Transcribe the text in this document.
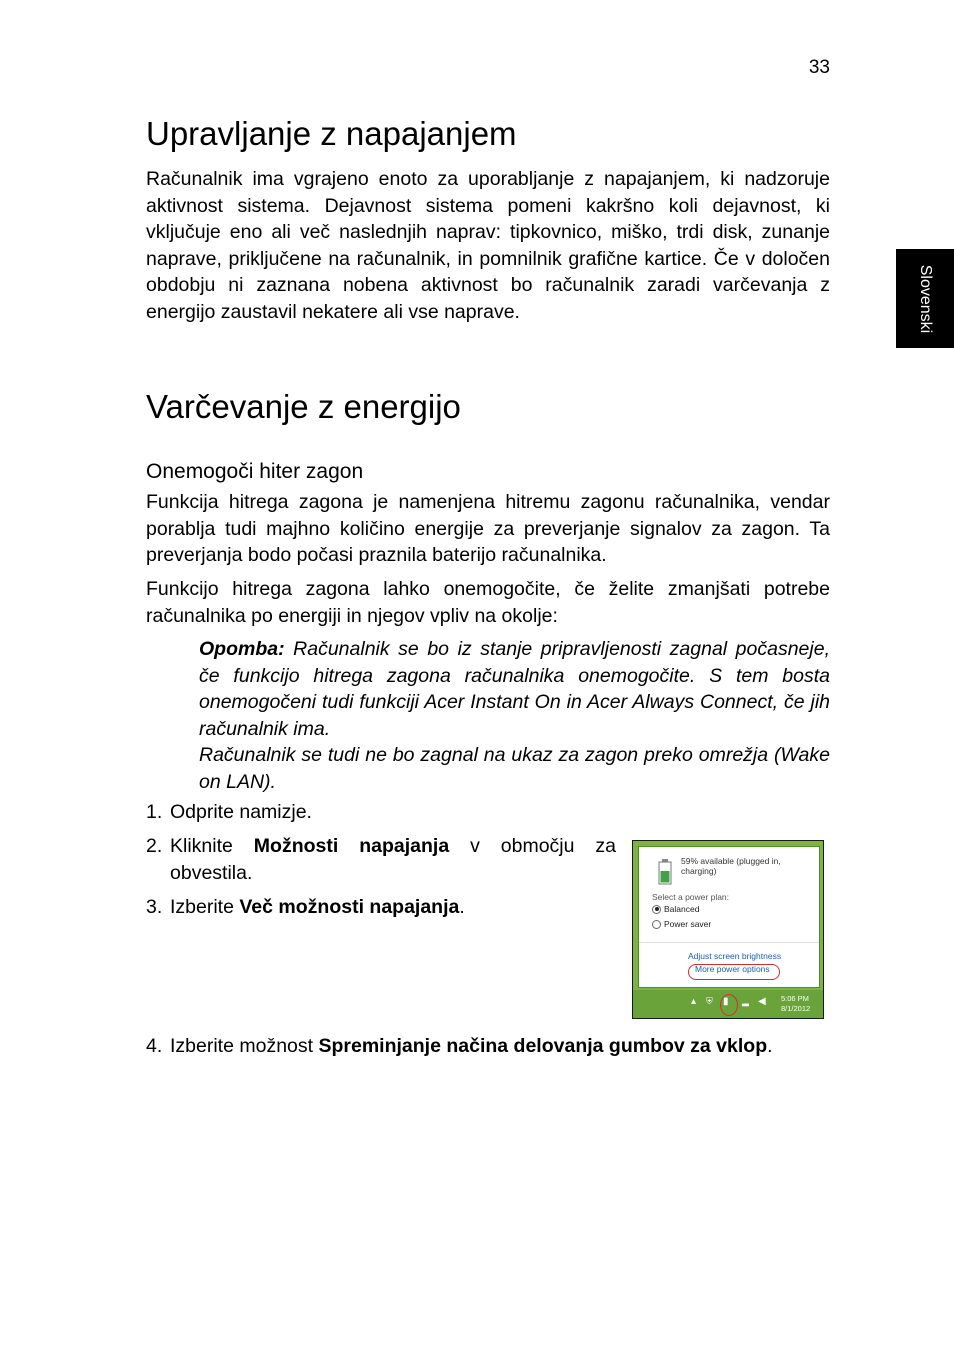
33
Slovenski
Upravljanje z napajanjem

Računalnik ima vgrajeno enoto za uporabljanje z napajanjem, ki nadzoruje aktivnost sistema. Dejavnost sistema pomeni kakršno koli dejavnost, ki vključuje eno ali več naslednjih naprav: tipkovnico, miško, trdi disk, zunanje naprave, priključene na računalnik, in pomnilnik grafične kartice. Če v določen obdobju ni zaznana nobena aktivnost bo računalnik zaradi varčevanja z energijo zaustavil nekatere ali vse naprave.

Varčevanje z energijo
Onemogoči hiter zagon

Funkcija hitrega zagona je namenjena hitremu zagonu računalnika, vendar porablja tudi majhno količino energije za preverjanje signalov za zagon. Ta preverjanja bodo počasi praznila baterijo računalnika.

Funkcijo hitrega zagona lahko onemogočite, če želite zmanjšati potrebe računalnika po energiji in njegov vpliv na okolje:

Opomba: Računalnik se bo iz stanje pripravljenosti zagnal počasneje, če funkcijo hitrega zagona računalnika onemogočite. S tem bosta onemogočeni tudi funkciji Acer Instant On in Acer Always Connect, če jih računalnik ima.
Računalnik se tudi ne bo zagnal na ukaz za zagon preko omrežja (Wake on LAN).
1. Odprite namizje.
2. Kliknite Možnosti napajanja v območju za obvestila.
3. Izberite Več možnosti napajanja.
4. Izberite možnost Spreminjanje načina delovanja gumbov za vklop.
59% available (plugged in, charging)
Select a power plan:
Balanced
Power saver
Adjust screen brightness
More power options
▴ ⛨ ▮ ▂ ◀ 5:06 PM
8/1/2012
